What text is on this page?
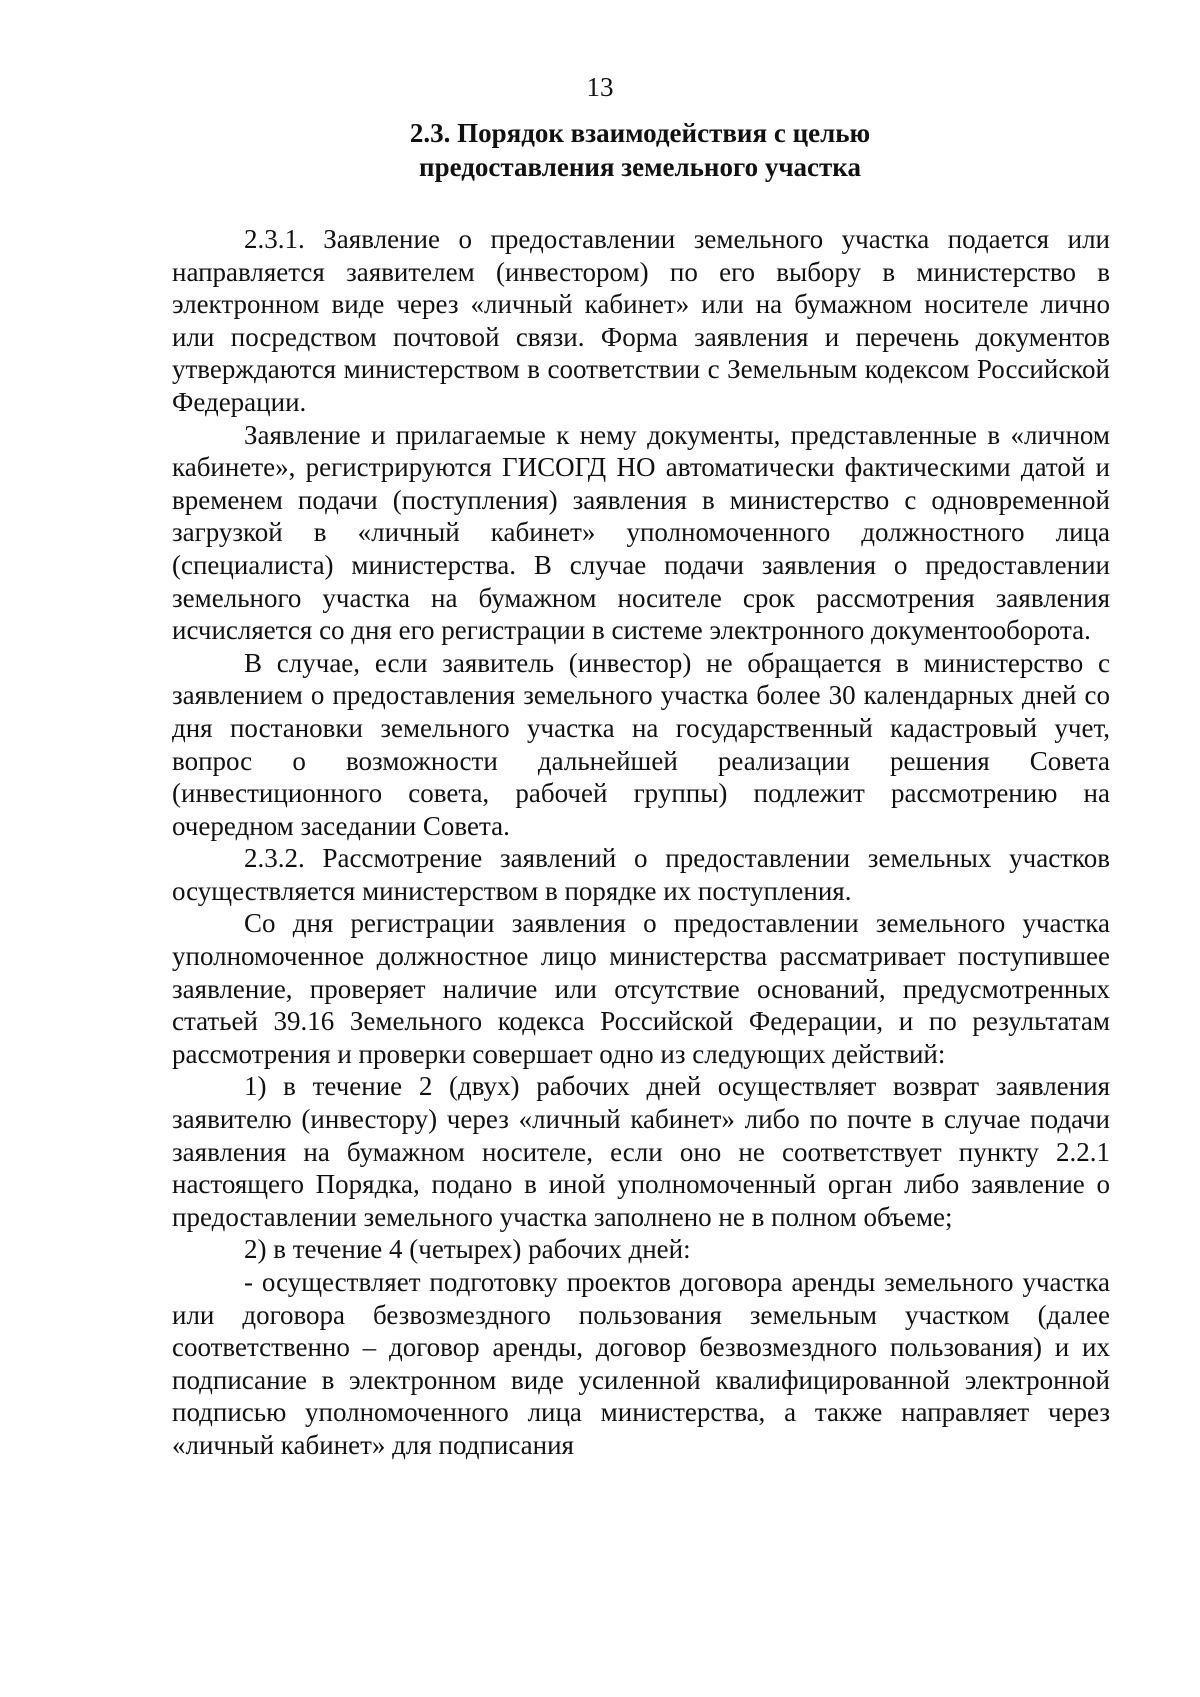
13
2.3. Порядок взаимодействия с целью
предоставления земельного участка

2.3.1. Заявление о предоставлении земельного участка подается или направляется заявителем (инвестором) по его выбору в министерство в электронном виде через «личный кабинет» или на бумажном носителе лично или посредством почтовой связи. Форма заявления и перечень документов утверждаются министерством в соответствии с Земельным кодексом Российской Федерации.

Заявление и прилагаемые к нему документы, представленные в «личном кабинете», регистрируются ГИСОГД НО автоматически фактическими датой и временем подачи (поступления) заявления в министерство с одновременной загрузкой в «личный кабинет» уполномоченного должностного лица (специалиста) министерства. В случае подачи заявления о предоставлении земельного участка на бумажном носителе срок рассмотрения заявления исчисляется со дня его регистрации в системе электронного документооборота.

В случае, если заявитель (инвестор) не обращается в министерство с заявлением о предоставления земельного участка более 30 календарных дней со дня постановки земельного участка на государственный кадастровый учет, вопрос о возможности дальнейшей реализации решения Совета (инвестиционного совета, рабочей группы) подлежит рассмотрению на очередном заседании Совета.

2.3.2. Рассмотрение заявлений о предоставлении земельных участков осуществляется министерством в порядке их поступления.

Со дня регистрации заявления о предоставлении земельного участка уполномоченное должностное лицо министерства рассматривает поступившее заявление, проверяет наличие или отсутствие оснований, предусмотренных статьей 39.16 Земельного кодекса Российской Федерации, и по результатам рассмотрения и проверки совершает одно из следующих действий:

1) в течение 2 (двух) рабочих дней осуществляет возврат заявления заявителю (инвестору) через «личный кабинет» либо по почте в случае подачи заявления на бумажном носителе, если оно не соответствует пункту 2.2.1 настоящего Порядка, подано в иной уполномоченный орган либо заявление о предоставлении земельного участка заполнено не в полном объеме;

2) в течение 4 (четырех) рабочих дней:

- осуществляет подготовку проектов договора аренды земельного участка или договора безвозмездного пользования земельным участком (далее соответственно – договор аренды, договор безвозмездного пользования) и их подписание в электронном виде усиленной квалифицированной электронной подписью уполномоченного лица министерства, а также направляет через «личный кабинет» для подписания
